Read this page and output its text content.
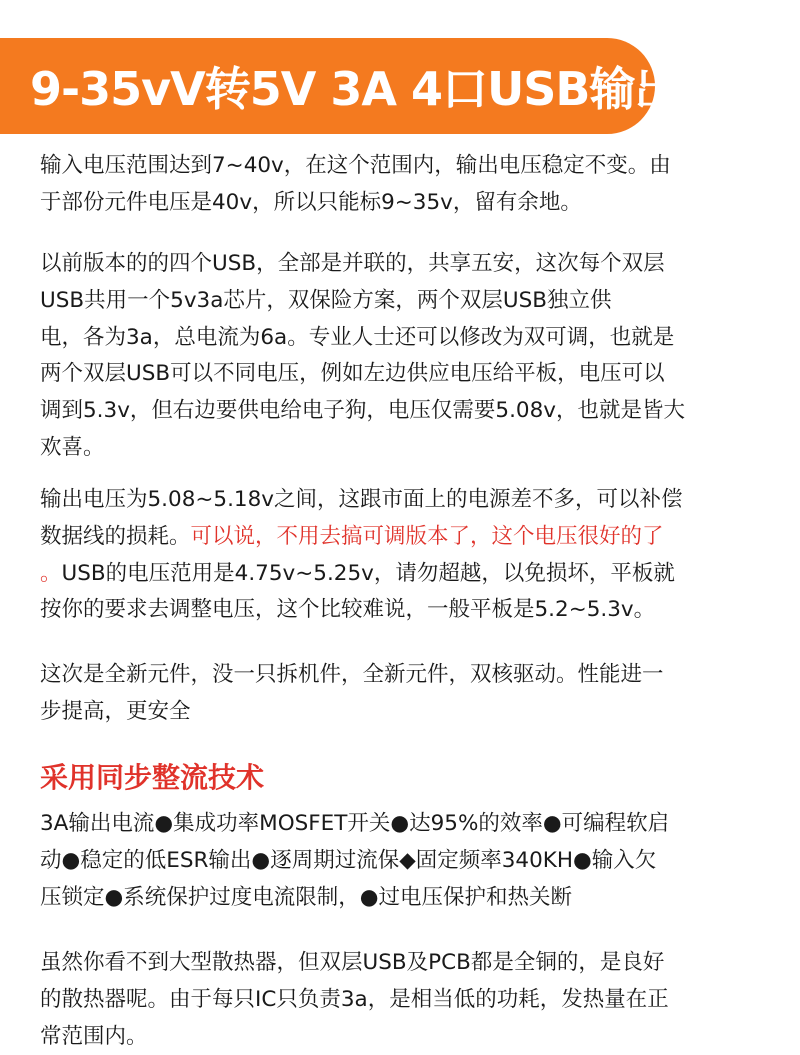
9-35vV转5V 3A 4口USB输出

输入电压范围达到7~40v，在这个范围内，输出电压稳定不变。由

于部份元件电压是40v，所以只能标9~35v，留有余地。

以前版本的的四个USB，全部是并联的，共享五安，这次每个双层

USB共用一个5v3a芯片，双保险方案，两个双层USB独立供

电，各为3a，总电流为6a。专业人士还可以修改为双可调，也就是

两个双层USB可以不同电压，例如左边供应电压给平板，电压可以

调到5.3v，但右边要供电给电子狗，电压仅需要5.08v，也就是皆大

欢喜。

输出电压为5.08~5.18v之间，这跟市面上的电源差不多，可以补偿

数据线的损耗。可以说，不用去搞可调版本了，这个电压很好的了

。USB的电压范用是4.75v~5.25v，请勿超越，以免损坏，平板就

按你的要求去调整电压，这个比较难说，一般平板是5.2~5.3v。

这次是全新元件，没一只拆机件，全新元件，双核驱动。性能进一

步提高，更安全

采用同步整流技术

3A输出电流●集成功率MOSFET开关●达95%的效率●可编程软启

动●稳定的低ESR输出●逐周期过流保◆固定频率340KH●输入欠

压锁定●系统保护过度电流限制，●过电压保护和热关断

虽然你看不到大型散热器，但双层USB及PCB都是全铜的，是良好

的散热器呢。由于每只IC只负责3a，是相当低的功耗，发热量在正

常范围内。
